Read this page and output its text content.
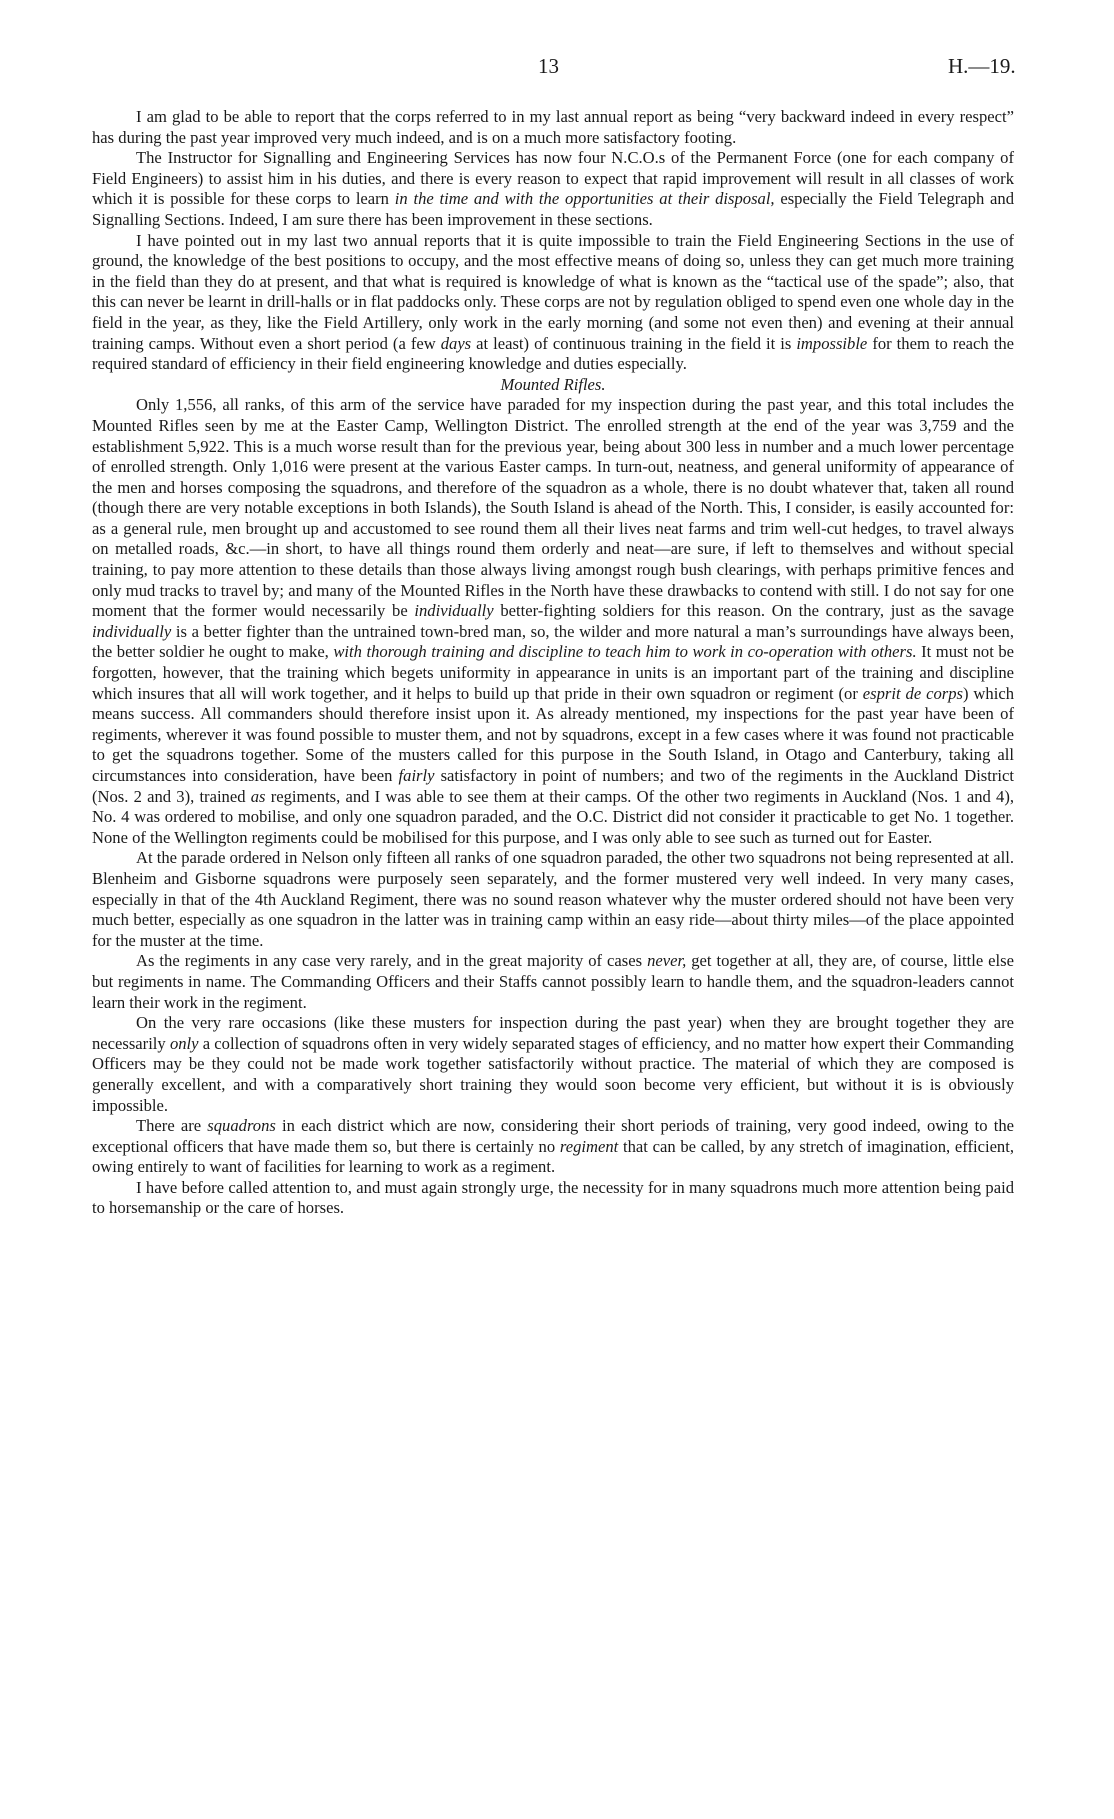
13	H.—19.

I am glad to be able to report that the corps referred to in my last annual report as being “very backward indeed in every respect” has during the past year improved very much indeed, and is on a much more satisfactory footing.

The Instructor for Signalling and Engineering Services has now four N.C.O.s of the Permanent Force (one for each company of Field Engineers) to assist him in his duties, and there is every reason to expect that rapid improvement will result in all classes of work which it is possible for these corps to learn in the time and with the opportunities at their disposal, especially the Field Telegraph and Signalling Sections. Indeed, I am sure there has been improvement in these sections.

I have pointed out in my last two annual reports that it is quite impossible to train the Field Engineering Sections in the use of ground, the knowledge of the best positions to occupy, and the most effective means of doing so, unless they can get much more training in the field than they do at present, and that what is required is knowledge of what is known as the “tactical use of the spade”; also, that this can never be learnt in drill-halls or in flat paddocks only. These corps are not by regulation obliged to spend even one whole day in the field in the year, as they, like the Field Artillery, only work in the early morning (and some not even then) and evening at their annual training camps. Without even a short period (a few days at least) of continuous training in the field it is impossible for them to reach the required standard of efficiency in their field engineering knowledge and duties especially.

Mounted Rifles.

Only 1,556, all ranks, of this arm of the service have paraded for my inspection during the past year, and this total includes the Mounted Rifles seen by me at the Easter Camp, Wellington District. The enrolled strength at the end of the year was 3,759 and the establishment 5,922. This is a much worse result than for the previous year, being about 300 less in number and a much lower percentage of enrolled strength. Only 1,016 were present at the various Easter camps. In turn-out, neatness, and general uniformity of appearance of the men and horses composing the squadrons, and therefore of the squadron as a whole, there is no doubt whatever that, taken all round (though there are very notable exceptions in both Islands), the South Island is ahead of the North. This, I consider, is easily accounted for: as a general rule, men brought up and accustomed to see round them all their lives neat farms and trim well-cut hedges, to travel always on metalled roads, &c.—in short, to have all things round them orderly and neat—are sure, if left to themselves and without special training, to pay more attention to these details than those always living amongst rough bush clearings, with perhaps primitive fences and only mud tracks to travel by; and many of the Mounted Rifles in the North have these drawbacks to contend with still. I do not say for one moment that the former would necessarily be individually better-fighting soldiers for this reason. On the contrary, just as the savage individually is a better fighter than the untrained town-bred man, so, the wilder and more natural a man’s surroundings have always been, the better soldier he ought to make, with thorough training and discipline to teach him to work in co-operation with others. It must not be forgotten, however, that the training which begets uniformity in appearance in units is an important part of the training and discipline which insures that all will work together, and it helps to build up that pride in their own squadron or regiment (or esprit de corps) which means success. All commanders should therefore insist upon it. As already mentioned, my inspections for the past year have been of regiments, wherever it was found possible to muster them, and not by squadrons, except in a few cases where it was found not practicable to get the squadrons together. Some of the musters called for this purpose in the South Island, in Otago and Canterbury, taking all circumstances into consideration, have been fairly satisfactory in point of numbers; and two of the regiments in the Auckland District (Nos. 2 and 3), trained as regiments, and I was able to see them at their camps. Of the other two regiments in Auckland (Nos. 1 and 4), No. 4 was ordered to mobilise, and only one squadron paraded, and the O.C. District did not consider it practicable to get No. 1 together. None of the Wellington regiments could be mobilised for this purpose, and I was only able to see such as turned out for Easter.

At the parade ordered in Nelson only fifteen all ranks of one squadron paraded, the other two squadrons not being represented at all. Blenheim and Gisborne squadrons were purposely seen separately, and the former mustered very well indeed. In very many cases, especially in that of the 4th Auckland Regiment, there was no sound reason whatever why the muster ordered should not have been very much better, especially as one squadron in the latter was in training camp within an easy ride—about thirty miles—of the place appointed for the muster at the time.

As the regiments in any case very rarely, and in the great majority of cases never, get together at all, they are, of course, little else but regiments in name. The Commanding Officers and their Staffs cannot possibly learn to handle them, and the squadron-leaders cannot learn their work in the regiment.

On the very rare occasions (like these musters for inspection during the past year) when they are brought together they are necessarily only a collection of squadrons often in very widely separated stages of efficiency, and no matter how expert their Commanding Officers may be they could not be made work together satisfactorily without practice. The material of which they are composed is generally excellent, and with a comparatively short training they would soon become very efficient, but without it is is obviously impossible.

There are squadrons in each district which are now, considering their short periods of training, very good indeed, owing to the exceptional officers that have made them so, but there is certainly no regiment that can be called, by any stretch of imagination, efficient, owing entirely to want of facilities for learning to work as a regiment.

I have before called attention to, and must again strongly urge, the necessity for in many squadrons much more attention being paid to horsemanship or the care of horses.
